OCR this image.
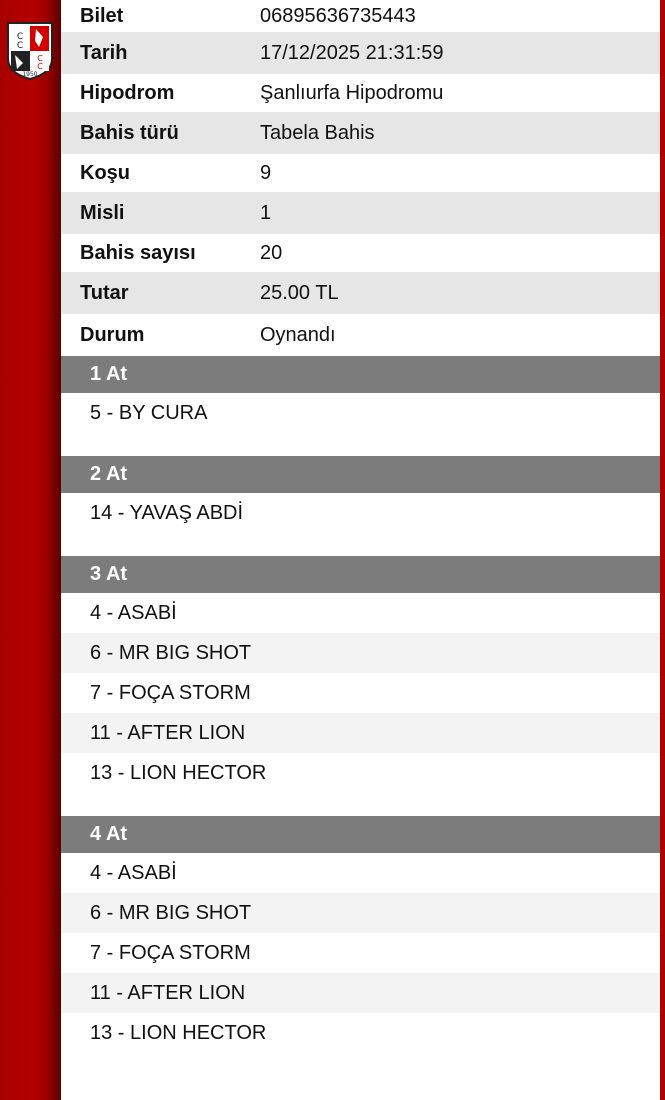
C
C
C
C
1950
Bilet	06895636735443
Tarih	17/12/2025 21:31:59
Hipodrom	Şanlıurfa Hipodromu
Bahis türü	Tabela Bahis
Koşu	9
Misli	1
Bahis sayısı	20
Tutar	25.00 TL
Durum	Oynandı
1 At
5 - BY CURA
2 At
14 - YAVAŞ ABDİ
3 At
4 - ASABİ
6 - MR BIG SHOT
7 - FOÇA STORM
11 - AFTER LION
13 - LION HECTOR
4 At
4 - ASABİ
6 - MR BIG SHOT
7 - FOÇA STORM
11 - AFTER LION
13 - LION HECTOR
